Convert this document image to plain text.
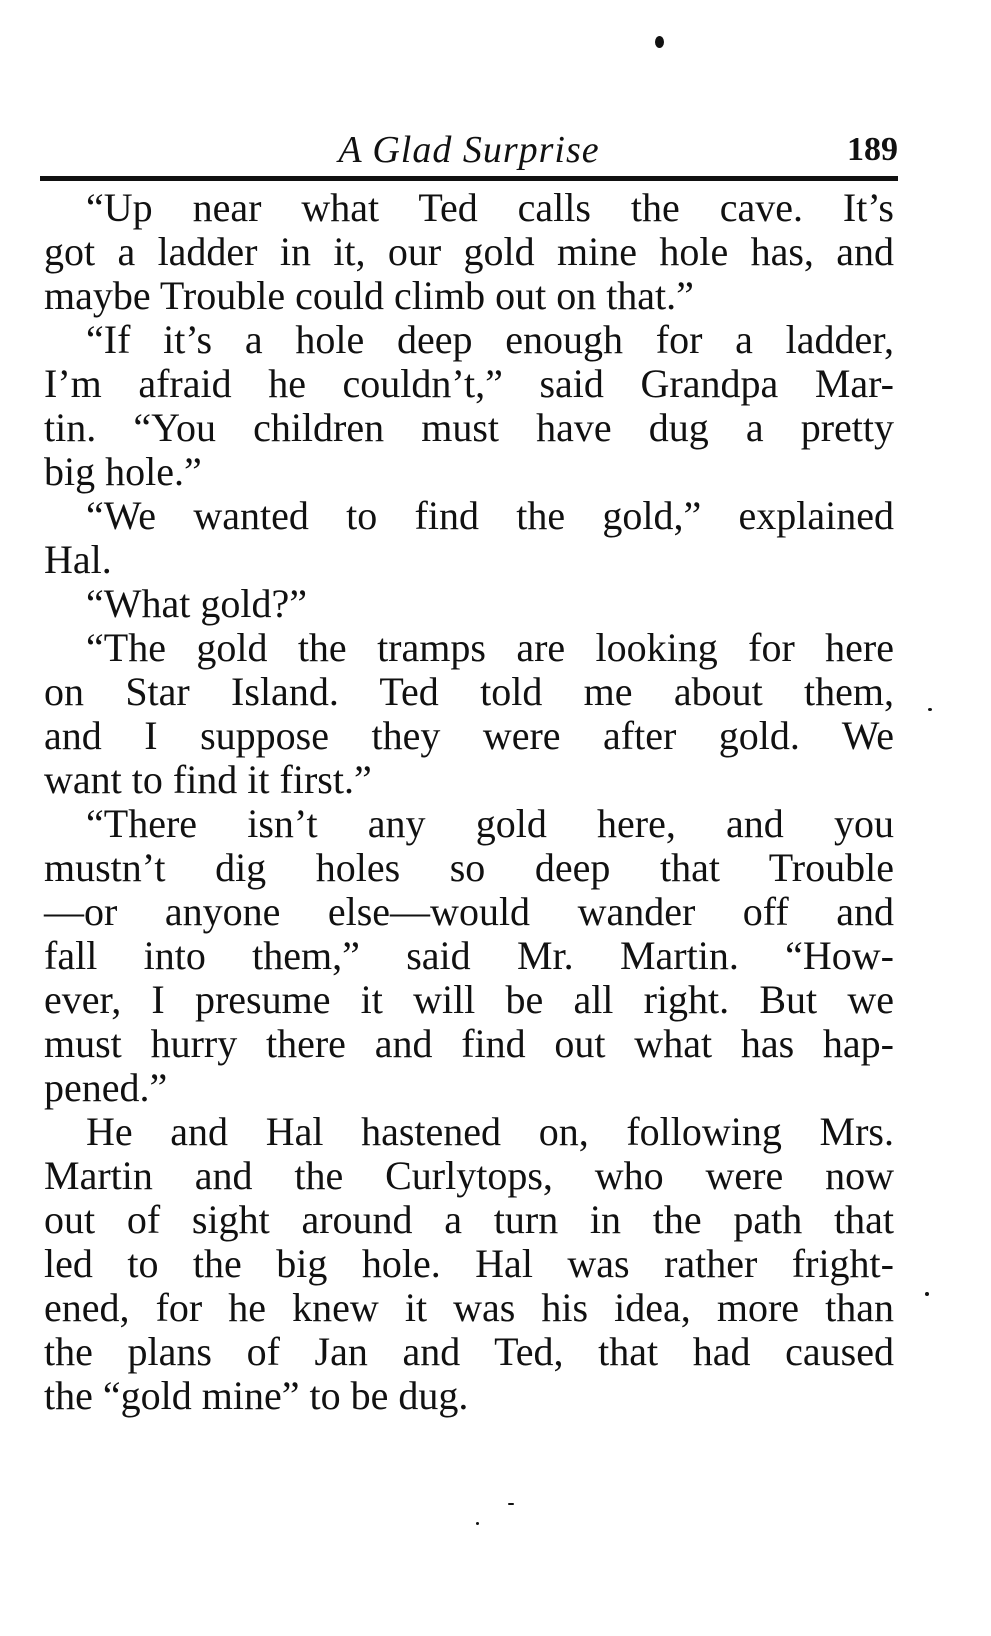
A Glad Surprise	189
“Up near what Ted calls the cave. It’s
got a ladder in it, our gold mine hole has, and
maybe Trouble could climb out on that.”
“If it’s a hole deep enough for a ladder,
I’m afraid he couldn’t,” said Grandpa Mar-
tin. “You children must have dug a pretty
big hole.”
“We wanted to find the gold,” explained
Hal.
“What gold?”
“The gold the tramps are looking for here
on Star Island. Ted told me about them,
and I suppose they were after gold. We
want to find it first.”
“There isn’t any gold here, and you
mustn’t dig holes so deep that Trouble
—or anyone else—would wander off and
fall into them,” said Mr. Martin. “How-
ever, I presume it will be all right. But we
must hurry there and find out what has hap-
pened.”
He and Hal hastened on, following Mrs.
Martin and the Curlytops, who were now
out of sight around a turn in the path that
led to the big hole. Hal was rather fright-
ened, for he knew it was his idea, more than
the plans of Jan and Ted, that had caused
the “gold mine” to be dug.
